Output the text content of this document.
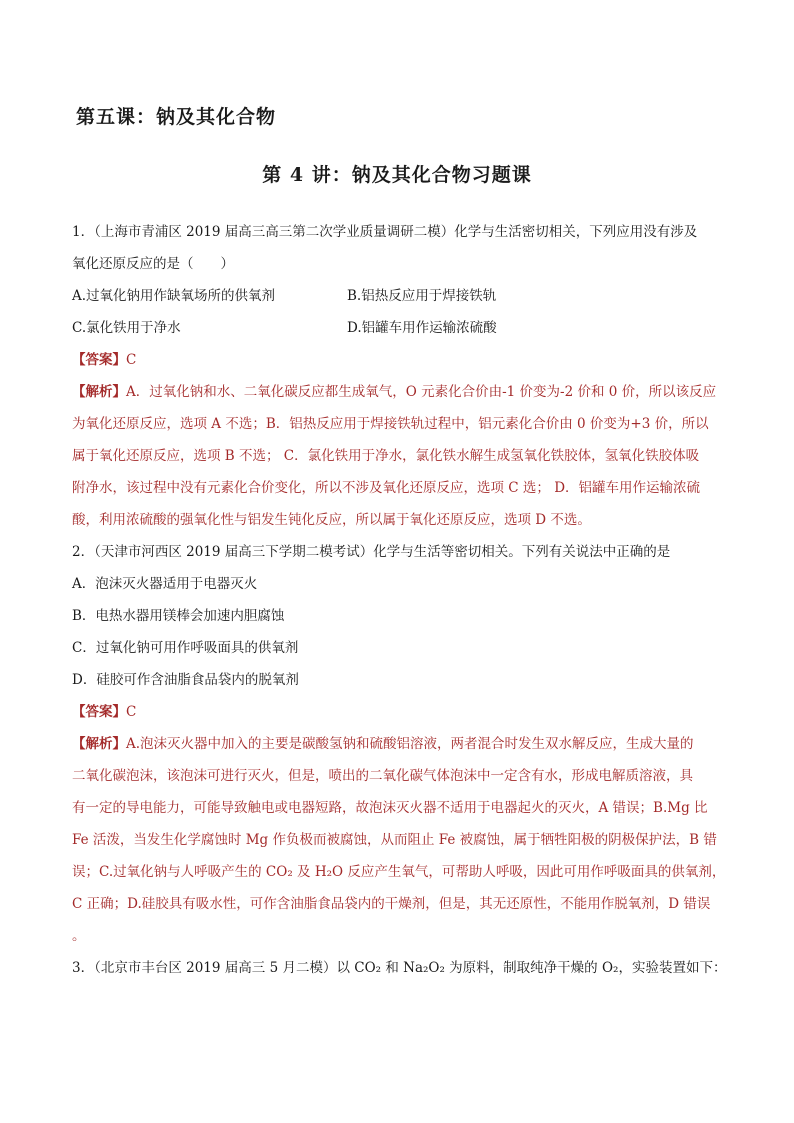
第五课：钠及其化合物
第 4 讲：钠及其化合物习题课
1．（上海市青浦区 2019 届高三高三第二次学业质量调研二模）化学与生活密切相关，下列应用没有涉及
氧化还原反应的是（　　）
A.过氧化钠用作缺氧场所的供氧剂	B.铝热反应用于焊接铁轨
C.氯化铁用于净水	D.铝罐车用作运输浓硫酸
【答案】C
【解析】A．过氧化钠和水、二氧化碳反应都生成氧气，O 元素化合价由-1 价变为-2 价和 0 价，所以该反应
为氧化还原反应，选项 A 不选；B．铝热反应用于焊接铁轨过程中，铝元素化合价由 0 价变为+3 价，所以
属于氧化还原反应，选项 B 不选； C．氯化铁用于净水，氯化铁水解生成氢氧化铁胶体，氢氧化铁胶体吸
附净水，该过程中没有元素化合价变化，所以不涉及氧化还原反应，选项 C 选； D．铝罐车用作运输浓硫
酸，利用浓硫酸的强氧化性与铝发生钝化反应，所以属于氧化还原反应，选项 D 不选。
2．（天津市河西区 2019 届高三下学期二模考试）化学与生活等密切相关。下列有关说法中正确的是
A．泡沫灭火器适用于电器灭火
B．电热水器用镁棒会加速内胆腐蚀
C．过氧化钠可用作呼吸面具的供氧剂
D．硅胶可作含油脂食品袋内的脱氧剂
【答案】C
【解析】A.泡沫灭火器中加入的主要是碳酸氢钠和硫酸铝溶液，两者混合时发生双水解反应，生成大量的
二氧化碳泡沫，该泡沫可进行灭火，但是，喷出的二氧化碳气体泡沫中一定含有水，形成电解质溶液，具
有一定的导电能力，可能导致触电或电器短路，故泡沫灭火器不适用于电器起火的灭火，A 错误；B.Mg 比
Fe 活泼，当发生化学腐蚀时 Mg 作负极而被腐蚀，从而阻止 Fe 被腐蚀，属于牺牲阳极的阴极保护法，B 错
误；C.过氧化钠与人呼吸产生的 CO₂ 及 H₂O 反应产生氧气，可帮助人呼吸，因此可用作呼吸面具的供氧剂，
C 正确；D.硅胶具有吸水性，可作含油脂食品袋内的干燥剂，但是，其无还原性，不能用作脱氧剂，D 错误
。
3．（北京市丰台区 2019 届高三 5 月二模）以 CO₂ 和 Na₂O₂ 为原料，制取纯净干燥的 O₂，实验装置如下：
